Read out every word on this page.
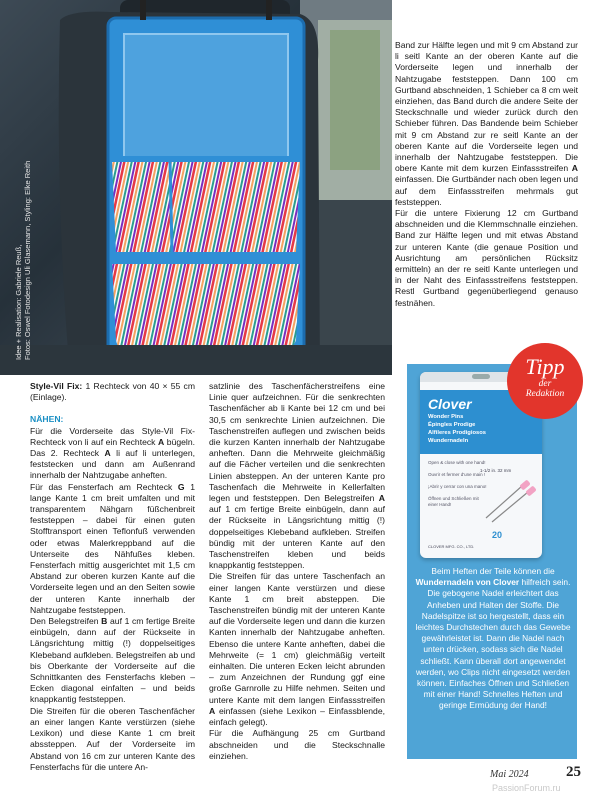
Idee + Realisation: Gabriele Reuß, Fotos: Oswel Fotodesign Uli Glasemann, Styling: Elke Reith

Band zur Hälfte legen und mit 9 cm Abstand zur li seitl Kante an der oberen Kante auf die Vorderseite legen und innerhalb der Nahtzugabe feststeppen. Dann 100 cm Gurtband abschneiden, 1 Schieber ca 8 cm weit einziehen, das Band durch die andere Seite der Steckschnalle und wieder zurück durch den Schieber führen. Das Bandende beim Schieber mit 9 cm Abstand zur re seitl Kante an der oberen Kante auf die Vorderseite legen und innerhalb der Nahtzugabe feststeppen. Die obere Kante mit dem kurzen Einfassstreifen A einfassen. Die Gurtbänder nach oben legen und auf dem Einfassstreifen mehrmals gut feststeppen.

Für die untere Fixierung 12 cm Gurtband abschneiden und die Klemmschnalle einziehen. Band zur Hälfte legen und mit etwas Abstand zur unteren Kante (die genaue Position und Ausrichtung am persönlichen Rücksitz ermitteln) an der re seitl Kante unterlegen und in der Naht des Einfassstreifens feststeppen. Restl Gurtband gegenüberliegend genauso festnähen.

Style-Vil Fix: 1 Rechteck von 40 × 55 cm (Einlage).

NÄHEN:

Für die Vorderseite das Style-Vil Fix-Rechteck von li auf ein Rechteck A bügeln. Das 2. Rechteck A li auf li unterlegen, feststecken und dann am Außenrand innerhalb der Nahtzugabe anheften.

Für das Fensterfach am Rechteck G 1 lange Kante 1 cm breit umfalten und mit transparentem Nähgarn füßchenbreit feststeppen – dabei für einen guten Stofftransport einen Teflonfuß verwenden oder etwas Malerkreppband auf die Unterseite des Nähfußes kleben. Fensterfach mittig ausgerichtet mit 1,5 cm Abstand zur oberen kurzen Kante auf die Vorderseite legen und an den Seiten sowie der unteren Kante innerhalb der Nahtzugabe feststeppen.

Den Belegstreifen B auf 1 cm fertige Breite einbügeln, dann auf der Rückseite in Längsrichtung mittig (!) doppelseitiges Klebeband aufkleben. Belegstreifen ab und bis Oberkante der Vorderseite auf die Schnittkanten des Fensterfachs kleben – Ecken diagonal einfalten – und beids knappkantig feststeppen.

Die Streifen für die oberen Taschenfächer an einer langen Kante verstürzen (siehe Lexikon) und diese Kante 1 cm breit abssteppen. Auf der Vorderseite im Abstand von 16 cm zur unteren Kante des Fensterfachs für die untere An-

satzlinie des Taschenfächerstreifens eine Linie quer aufzeichnen. Für die senkrechten Taschenfächer ab li Kante bei 12 cm und bei 30,5 cm senkrechte Linien aufzeichnen. Die Taschenstreifen auflegen und zwischen beids die kurzen Kanten innerhalb der Nahtzugabe anheften. Dann die Mehrweite gleichmäßig auf die Fächer verteilen und die senkrechten Linien absteppen. An der unteren Kante pro Taschenfach die Mehrweite in Kellerfalten legen und feststeppen. Den Belegstreifen A auf 1 cm fertige Breite einbügeln, dann auf der Rückseite in Längsrichtung mittig (!) doppelseitiges Klebeband aufkleben. Streifen bündig mit der unteren Kante auf den Taschenstreifen kleben und beids knappkantig feststeppen.

Die Streifen für das untere Taschenfach an einer langen Kante verstürzen und diese Kante 1 cm breit absteppen. Die Taschenstreifen bündig mit der unteren Kante auf die Vorderseite legen und dann die kurzen Kanten innerhalb der Nahtzugabe anheften. Ebenso die untere Kante anheften, dabei die Mehrweite (= 1 cm) gleichmäßig verteilt einhalten. Die unteren Ecken leicht abrunden – zum Anzeichnen der Rundung ggf eine große Garnrolle zu Hilfe nehmen. Seiten und untere Kante mit dem langen Einfassstreifen A einfassen (siehe Lexikon – Einfassblende, einfach gelegt).

Für die Aufhängung 25 cm Gurtband abschneiden und die Steckschnalle einziehen.

Tipp
der
Redaktion
Clover
Wonder Pins
Épingles Prodige
Alfileres Prodigiosos
Wundernadeln
Open & close with one hand!
Ouvrir et fermer d'une main !
¡Abrir y cerrar con una mano!
Öffnen und Schließen mit einer Hand!
1-1/2 in. 32 mm
20
CLOVER MFG. CO., LTD.

Beim Heften der Teile können die Wundernadeln von Clover hilfreich sein. Die gebogene Nadel erleichtert das Anheben und Halten der Stoffe. Die Nadelspitze ist so hergestellt, dass ein leichtes Durchstechen durch das Gewebe gewährleistet ist. Dann die Nadel nach unten drücken, sodass sich die Nadel schließt. Kann überall dort angewendet werden, wo Clips nicht eingesetzt werden können. Einfaches Öffnen und Schließen mit einer Hand! Schnelles Heften und geringe Ermüdung der Hand!

Mai 2024 25
PassionForum.ru
